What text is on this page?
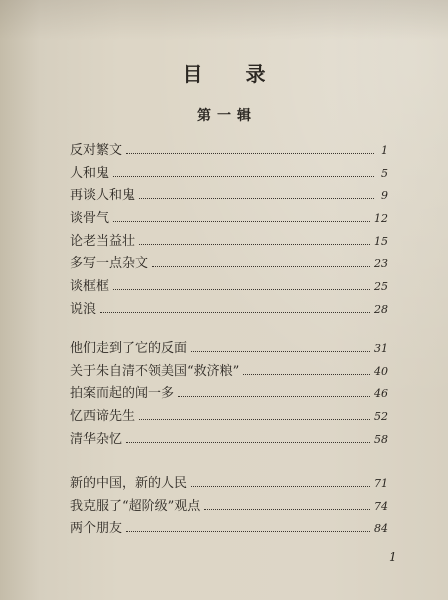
目 录
第一辑
反对繁文	1
人和鬼	5
再谈人和鬼	9
谈骨气	12
论老当益壮	15
多写一点杂文	23
谈框框	25
说浪	28
他们走到了它的反面	31
关于朱自清不领美国“救济粮”	40
拍案而起的闻一多	46
忆西谛先生	52
清华杂忆	58
新的中国，新的人民	71
我克服了“超阶级”观点	74
两个朋友	84
1
